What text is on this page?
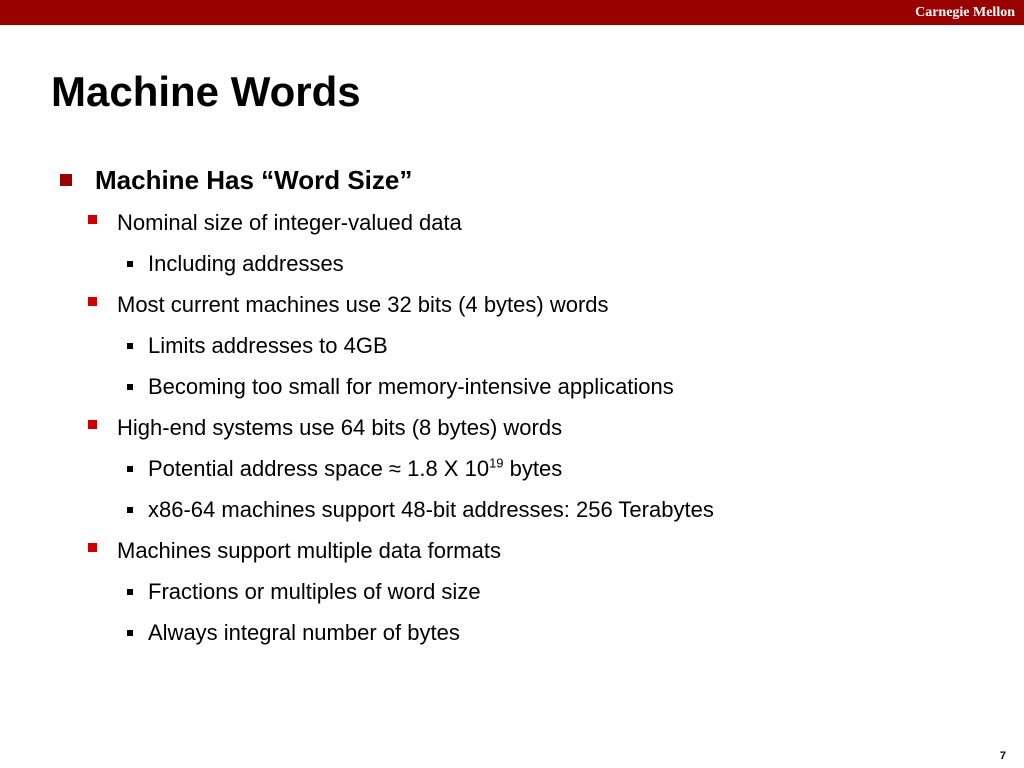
Carnegie Mellon
Machine Words
Machine Has “Word Size”
Nominal size of integer-valued data
Including addresses
Most current machines use 32 bits (4 bytes) words
Limits addresses to 4GB
Becoming too small for memory-intensive applications
High-end systems use 64 bits (8 bytes) words
Potential address space ≈ 1.8 X $10^{19}$ bytes
x86-64 machines support 48-bit addresses: 256 Terabytes
Machines support multiple data formats
Fractions or multiples of word size
Always integral number of bytes
7
